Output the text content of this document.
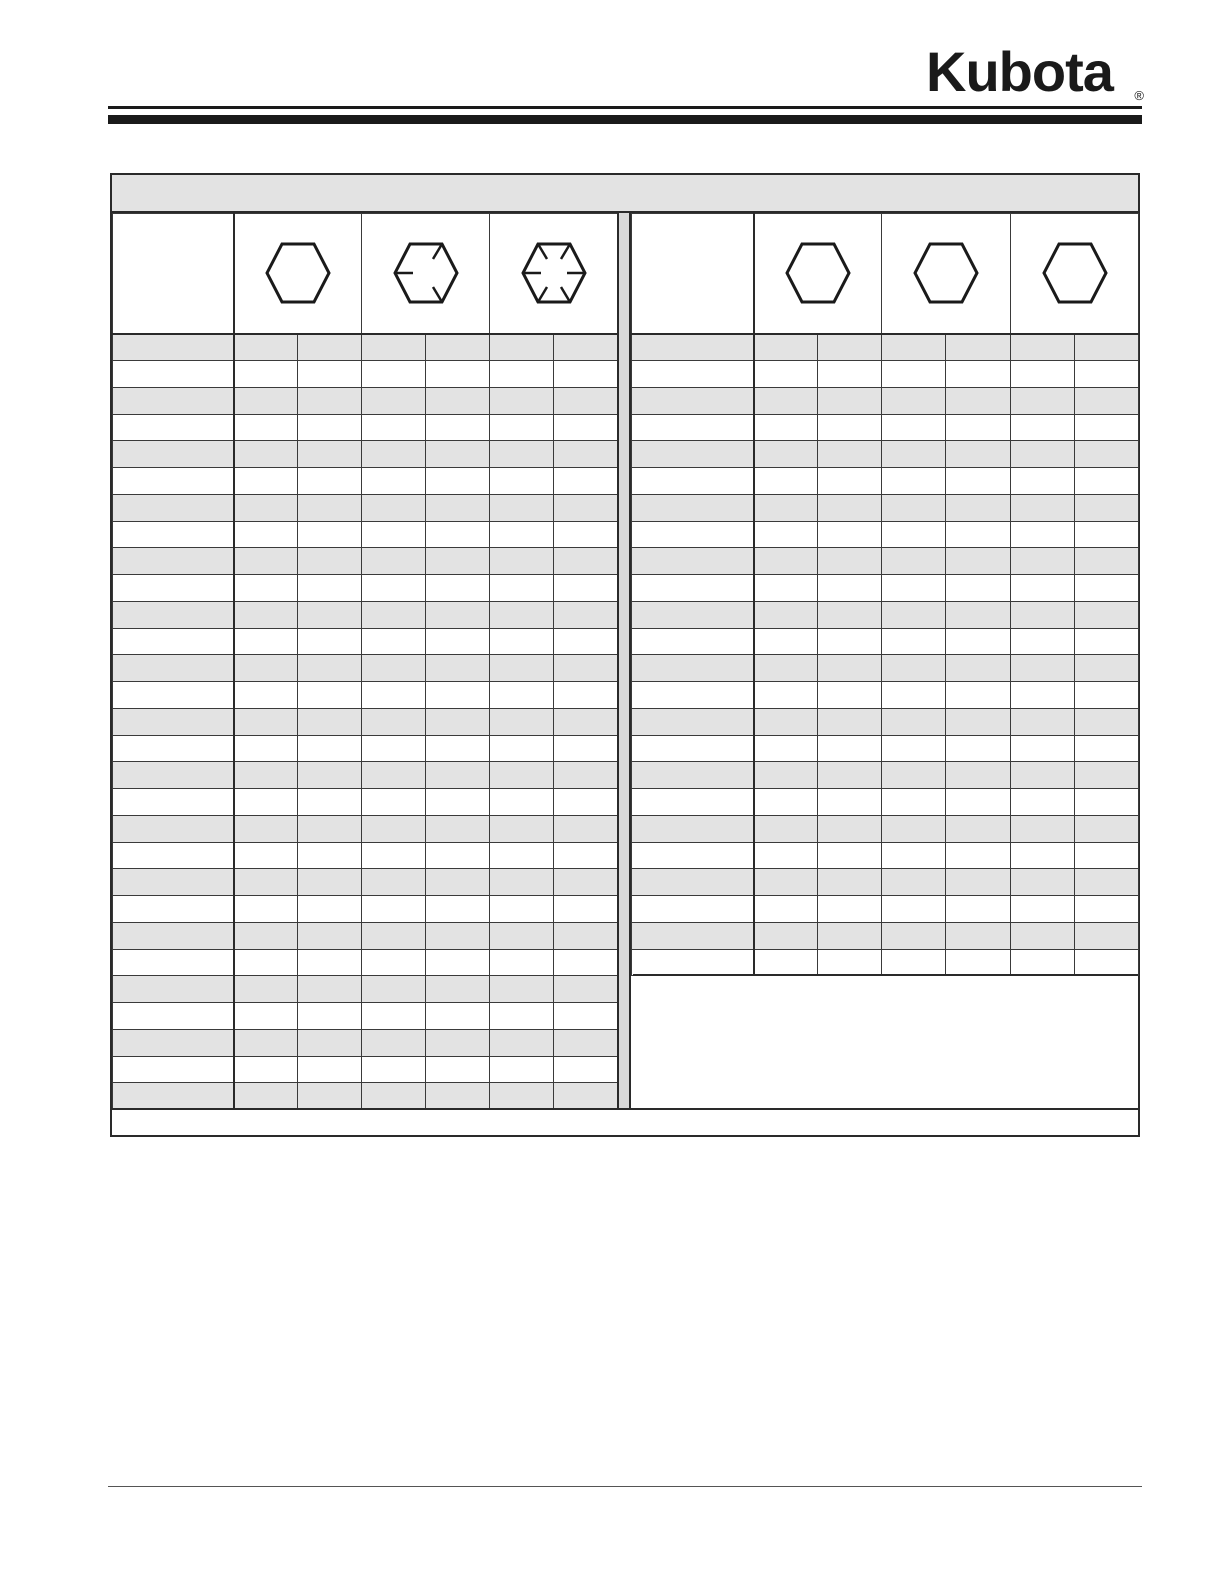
Kubota ®
